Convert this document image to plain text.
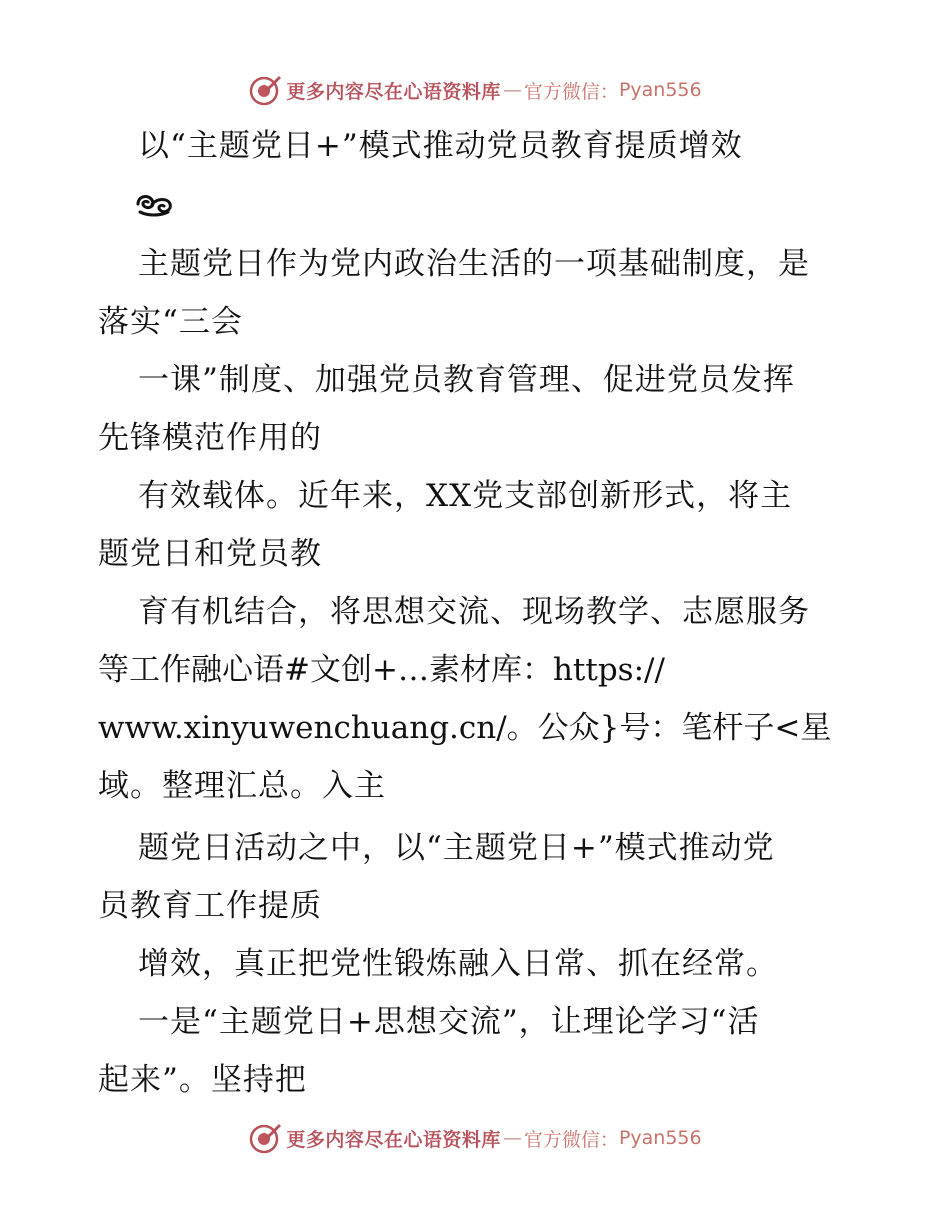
更多内容尽在心语资料库 — 官方微信： Pyan556
以“主题党日+”模式推动党员教育提质增效
主题党日作为党内政治生活的一项基础制度，是
落实“三会
一课”制度、加强党员教育管理、促进党员发挥
先锋模范作用的
有效载体。近年来，XX党支部创新形式，将主
题党日和党员教
育有机结合，将思想交流、现场教学、志愿服务
等工作融心语#文创+…素材库：https://
www.xinyuwenchuang.cn/。公众}号：笔杆子<星
域。整理汇总。入主
题党日活动之中，以“主题党日+”模式推动党
员教育工作提质
增效，真正把党性锻炼融入日常、抓在经常。
一是“主题党日+思想交流”，让理论学习“活
起来”。坚持把
更多内容尽在心语资料库 — 官方微信： Pyan556
